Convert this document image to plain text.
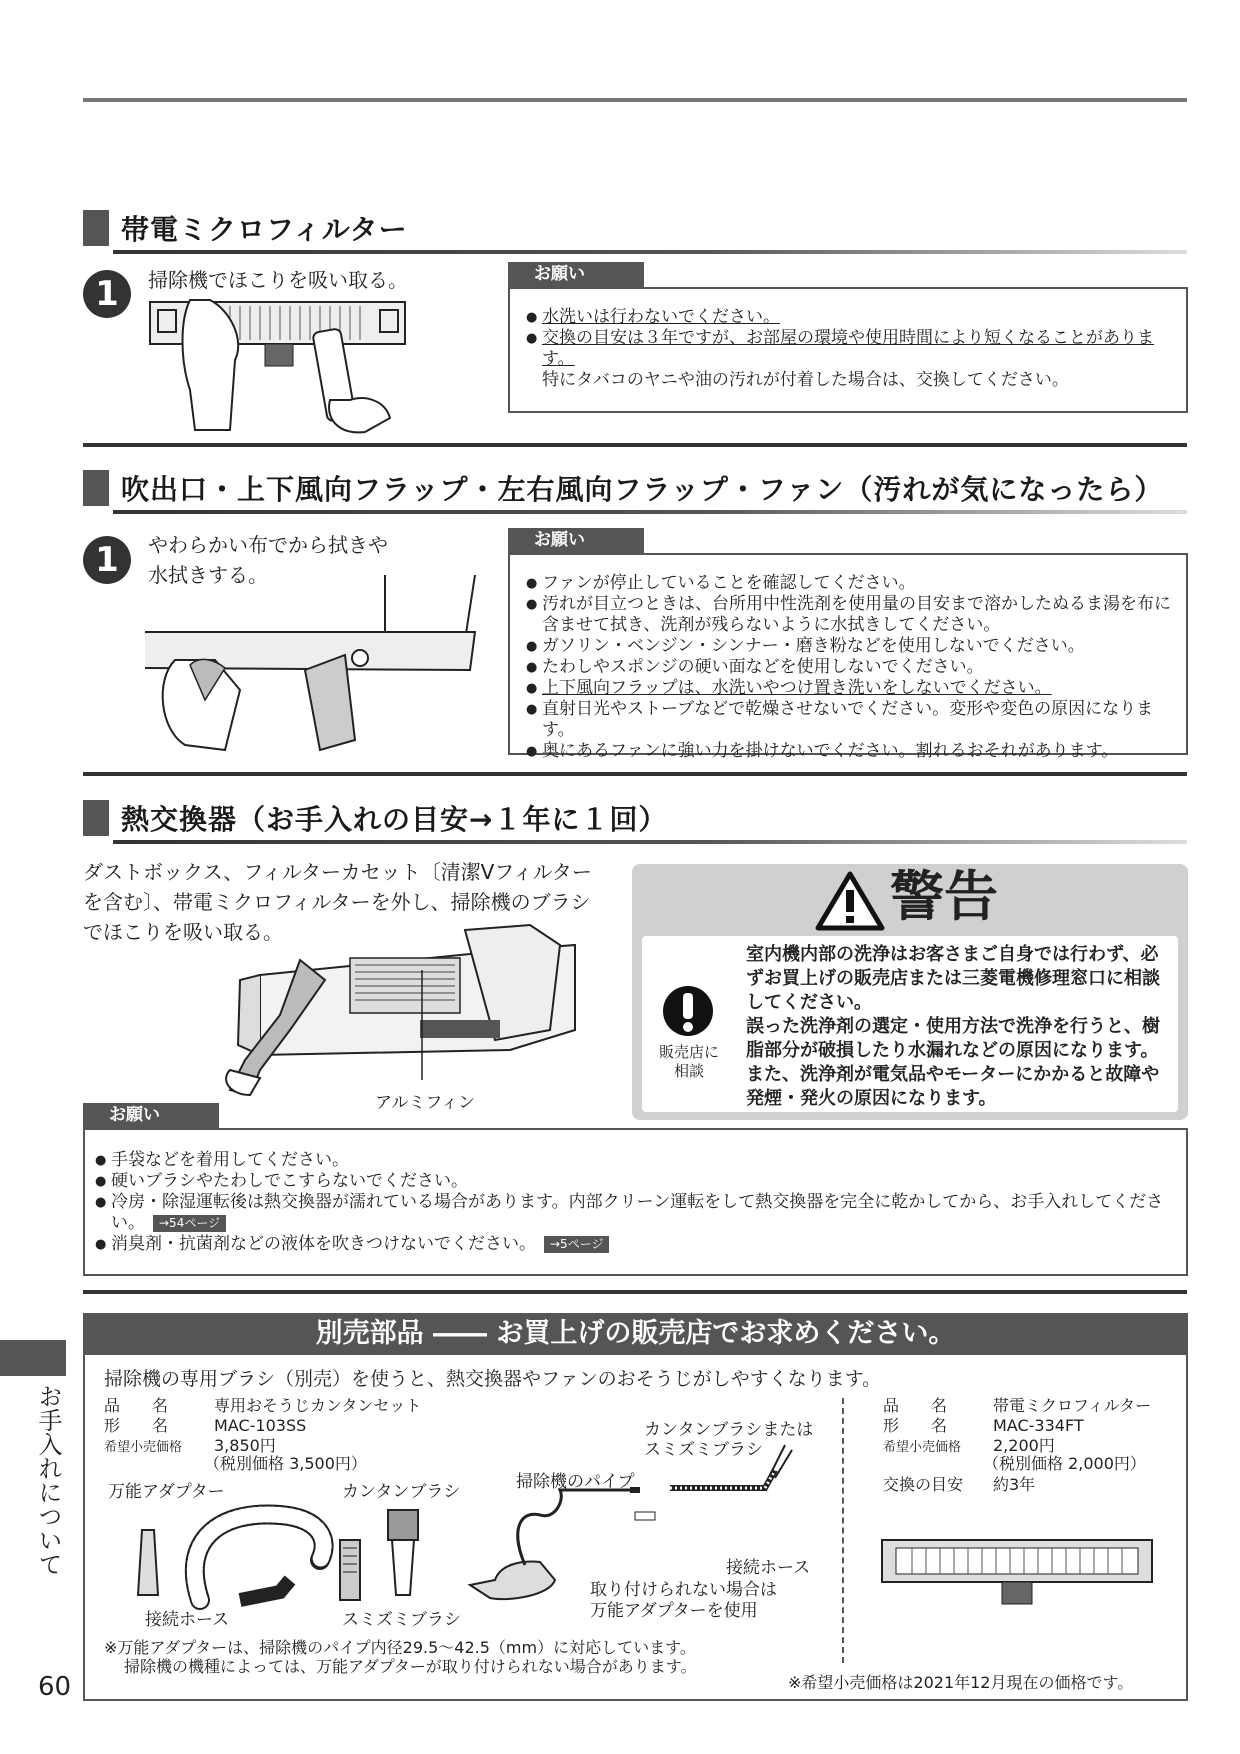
帯電ミクロフィルター
1	掃除機でほこりを吸い取る。	お願い
● 水洗いは行わないでください。
● 交換の目安は３年ですが、お部屋の環境や使用時間により短くなることがあります。
特にタバコのヤニや油の汚れが付着した場合は、交換してください。
吹出口・上下風向フラップ・左右風向フラップ・ファン（汚れが気になったら）
1	やわらかい布でから拭きや
水拭きする。
お願い
● ファンが停止していることを確認してください。
● 汚れが目立つときは、台所用中性洗剤を使用量の目安まで溶かしたぬるま湯を布に含ませて拭き、洗剤が残らないように水拭きしてください。
● ガソリン・ベンジン・シンナー・磨き粉などを使用しないでください。
● たわしやスポンジの硬い面などを使用しないでください。
● 上下風向フラップは、水洗いやつけ置き洗いをしないでください。
● 直射日光やストーブなどで乾燥させないでください。変形や変色の原因になります。
● 奥にあるファンに強い力を掛けないでください。割れるおそれがあります。
熱交換器（お手入れの目安→１年に１回）
ダストボックス、フィルターカセット〔清潔Vフィルターを含む〕、帯電ミクロフィルターを外し、掃除機のブラシでほこりを吸い取る。
アルミフィン
警告
販売店に相談
室内機内部の洗浄はお客さまご自身では行わず、必ずお買上げの販売店または三菱電機修理窓口に相談してください。
誤った洗浄剤の選定・使用方法で洗浄を行うと、樹脂部分が破損したり水漏れなどの原因になります。また、洗浄剤が電気品やモーターにかかると故障や発煙・発火の原因になります。
お願い
● 手袋などを着用してください。
● 硬いブラシやたわしでこすらないでください。
● 冷房・除湿運転後は熱交換器が濡れている場合があります。内部クリーン運転をして熱交換器を完全に乾かしてから、お手入れしてください。 →54ページ
● 消臭剤・抗菌剤などの液体を吹きつけないでください。 →5ページ
別売部品 ―― お買上げの販売店でお求めください。
掃除機の専用ブラシ（別売）を使うと、熱交換器やファンのおそうじがしやすくなります。
品　　名	専用おそうじカンタンセット
形　　名	MAC-103SS
希望小売価格 3,850円
（税別価格 3,500円）
万能アダプター	カンタンブラシ
接続ホース	スミズミブラシ
カンタンブラシまたはスミズミブラシ
掃除機のパイプ
接続ホース
取り付けられない場合は万能アダプターを使用
※万能アダプターは、掃除機のパイプ内径29.5〜42.5（mm）に対応しています。
掃除機の機種によっては、万能アダプターが取り付けられない場合があります。
品　　名	帯電ミクロフィルター
形　　名	MAC-334FT
希望小売価格 2,200円
（税別価格 2,000円）
交換の目安 約3年
※希望小売価格は2021年12月現在の価格です。
お手入れについて
60
